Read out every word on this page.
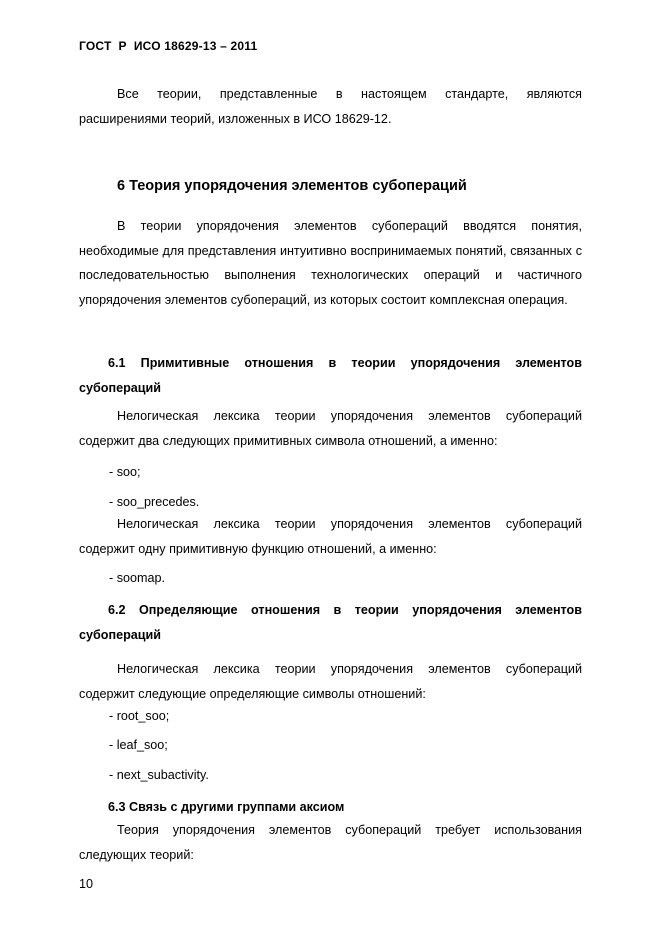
ГОСТ  Р  ИСО 18629-13 – 2011
Все теории, представленные в настоящем стандарте, являются расширениями теорий, изложенных в ИСО 18629-12.
6 Теория упорядочения элементов субопераций
В теории упорядочения элементов субопераций вводятся понятия, необходимые для представления интуитивно воспринимаемых понятий, связанных с последовательностью выполнения технологических операций и частичного упорядочения элементов субопераций, из которых состоит комплексная операция.
6.1 Примитивные отношения в теории упорядочения элементов субопераций
Нелогическая лексика теории упорядочения элементов субопераций содержит два следующих примитивных символа отношений, а именно:
- soo;
- soo_precedes.
Нелогическая лексика теории упорядочения элементов субопераций содержит одну примитивную функцию отношений, а именно:
- soomap.
6.2 Определяющие отношения в теории упорядочения элементов субопераций
Нелогическая лексика теории упорядочения элементов субопераций содержит следующие определяющие символы отношений:
- root_soo;
- leaf_soo;
- next_subactivity.
6.3 Связь с другими группами аксиом
Теория упорядочения элементов субопераций требует использования следующих теорий:
10
